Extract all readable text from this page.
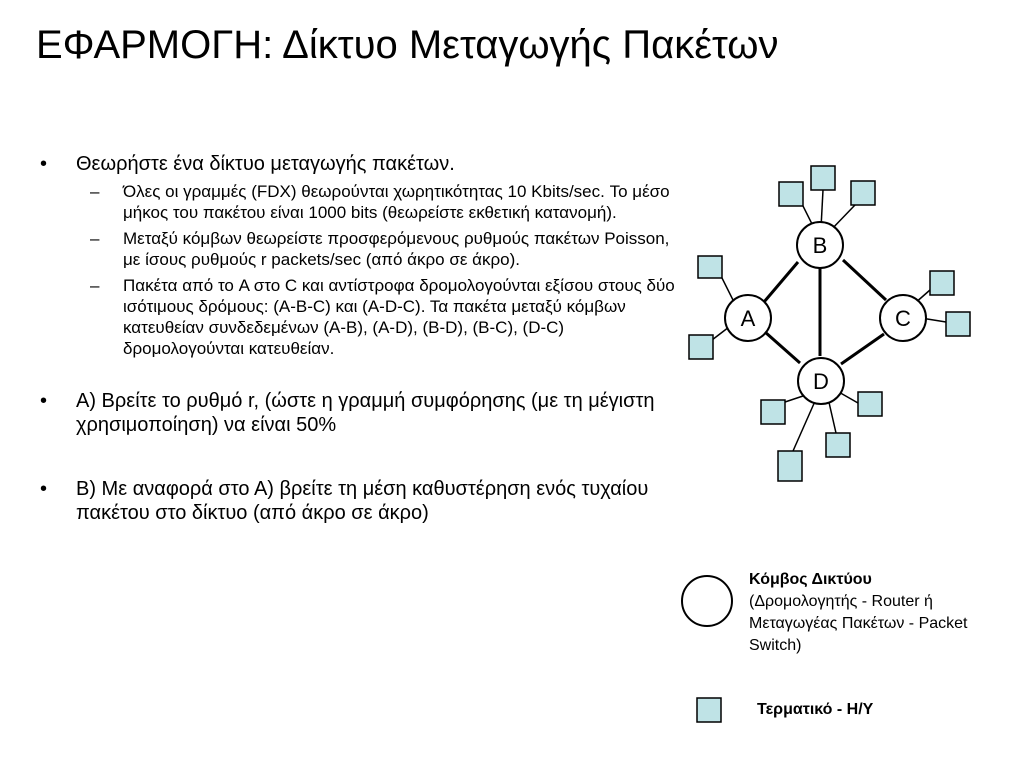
ΕΦΑΡΜΟΓΗ: Δίκτυο Μεταγωγής Πακέτων
• Θεωρήστε ένα δίκτυο μεταγωγής πακέτων.
– Όλες οι γραμμές (FDX) θεωρούνται χωρητικότητας 10 Kbits/sec. Το μέσο μήκος του πακέτου είναι 1000 bits (θεωρείστε εκθετική κατανομή).
– Μεταξύ κόμβων θεωρείστε προσφερόμενους ρυθμούς πακέτων Poisson, με ίσους ρυθμούς r packets/sec (από άκρο σε άκρο).
– Πακέτα από το A στο C και αντίστροφα δρομολογούνται εξίσου στους δύο ισότιμους δρόμους: (A-B-C) και (A-D-C). Τα πακέτα μεταξύ κόμβων κατευθείαν συνδεδεμένων (A-B), (A-D), (B-D), (B-C), (D-C) δρομολογούνται κατευθείαν.
• Α) Βρείτε το ρυθμό r, (ώστε η γραμμή συμφόρησης (με τη μέγιστη χρησιμοποίηση) να είναι 50%
• Β) Με αναφορά στο Α) βρείτε τη μέση καθυστέρηση ενός τυχαίου πακέτου στο δίκτυο (από άκρο σε άκρο)
B
A	C
D
Κόμβος Δικτύου
(Δρομολογητής - Router ή Μεταγωγέας Πακέτων - Packet Switch)
Τερματικό - Η/Υ
